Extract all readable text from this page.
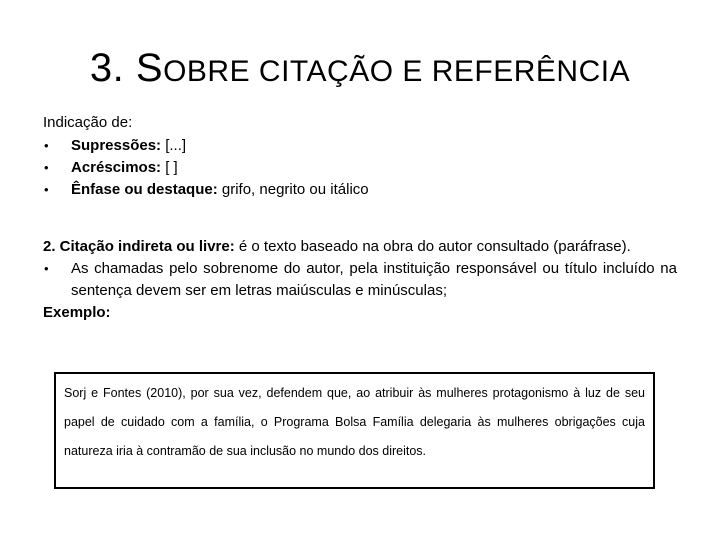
3. SOBRE CITAÇÃO E REFERÊNCIA
Indicação de:
•	Supressões: [...]
•	Acréscimos: [ ]
•	Ênfase ou destaque: grifo, negrito ou itálico
2. Citação indireta ou livre: é o texto baseado na obra do autor consultado (paráfrase).
•	As chamadas pelo sobrenome do autor, pela instituição responsável ou título incluído na sentença devem ser em letras maiúsculas e minúsculas;
Exemplo:

Sorj e Fontes (2010), por sua vez, defendem que, ao atribuir às mulheres protagonismo à luz de seu papel de cuidado com a família, o Programa Bolsa Família delegaria às mulheres obrigações cuja natureza iria à contramão de sua inclusão no mundo dos direitos.
